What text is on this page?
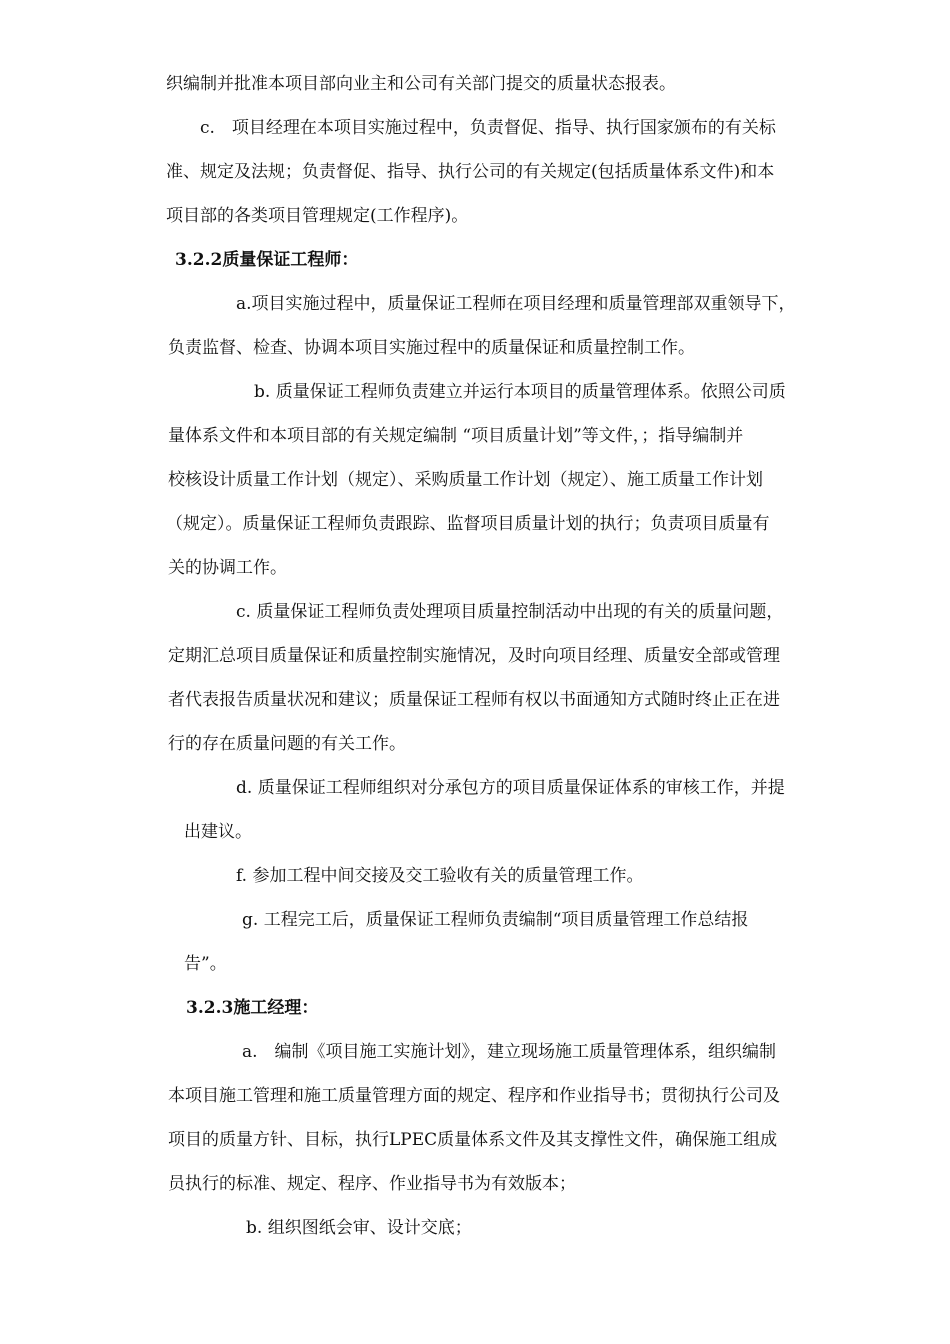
织编制并批准本项目部向业主和公司有关部门提交的质量状态报表。
c.　项目经理在本项目实施过程中，负责督促、指导、执行国家颁布的有关标
准、规定及法规；负责督促、指导、执行公司的有关规定(包括质量体系文件)和本
项目部的各类项目管理规定(工作程序)。
3.2.2质量保证工程师：
a.项目实施过程中，质量保证工程师在项目经理和质量管理部双重领导下，
负责监督、检查、协调本项目实施过程中的质量保证和质量控制工作。
b. 质量保证工程师负责建立并运行本项目的质量管理体系。依照公司质
量体系文件和本项目部的有关规定编制 “项目质量计划”等文件，；指导编制并
校核设计质量工作计划（规定）、采购质量工作计划（规定）、施工质量工作计划
（规定）。质量保证工程师负责跟踪、监督项目质量计划的执行；负责项目质量有
关的协调工作。
c. 质量保证工程师负责处理项目质量控制活动中出现的有关的质量问题，
定期汇总项目质量保证和质量控制实施情况，及时向项目经理、质量安全部或管理
者代表报告质量状况和建议；质量保证工程师有权以书面通知方式随时终止正在进
行的存在质量问题的有关工作。
d. 质量保证工程师组织对分承包方的项目质量保证体系的审核工作，并提
出建议。
f. 参加工程中间交接及交工验收有关的质量管理工作。
g. 工程完工后，质量保证工程师负责编制“项目质量管理工作总结报
告”。
3.2.3施工经理：
a.　编制《项目施工实施计划》，建立现场施工质量管理体系，组织编制
本项目施工管理和施工质量管理方面的规定、程序和作业指导书；贯彻执行公司及
项目的质量方针、目标，执行LPEC质量体系文件及其支撑性文件，确保施工组成
员执行的标准、规定、程序、作业指导书为有效版本；
b. 组织图纸会审、设计交底；
